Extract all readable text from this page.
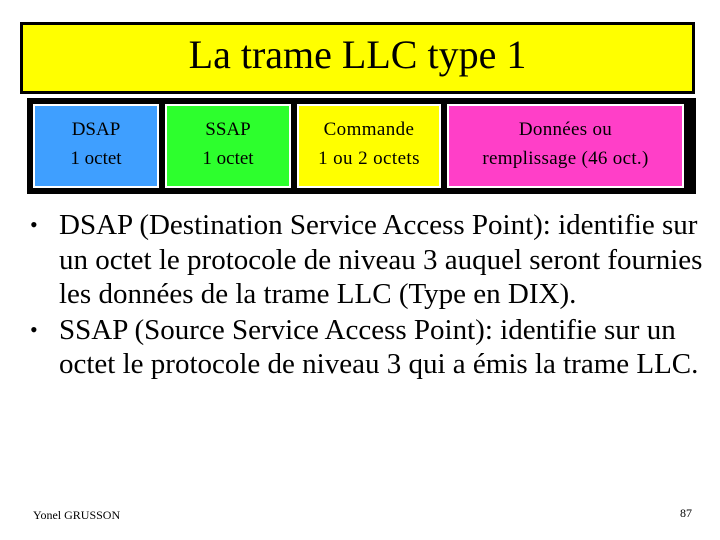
La trame LLC type 1
DSAP
1 octet
SSAP
1 octet
Commande
1 ou 2 octets
Données ou
remplissage (46 oct.)
• DSAP (Destination Service Access Point): identifie sur un octet le protocole de niveau 3 auquel seront fournies les données de la trame LLC (Type en DIX).
• SSAP (Source Service Access Point): identifie sur un octet le protocole de niveau 3 qui a émis la trame LLC.
Yonel GRUSSON	87
